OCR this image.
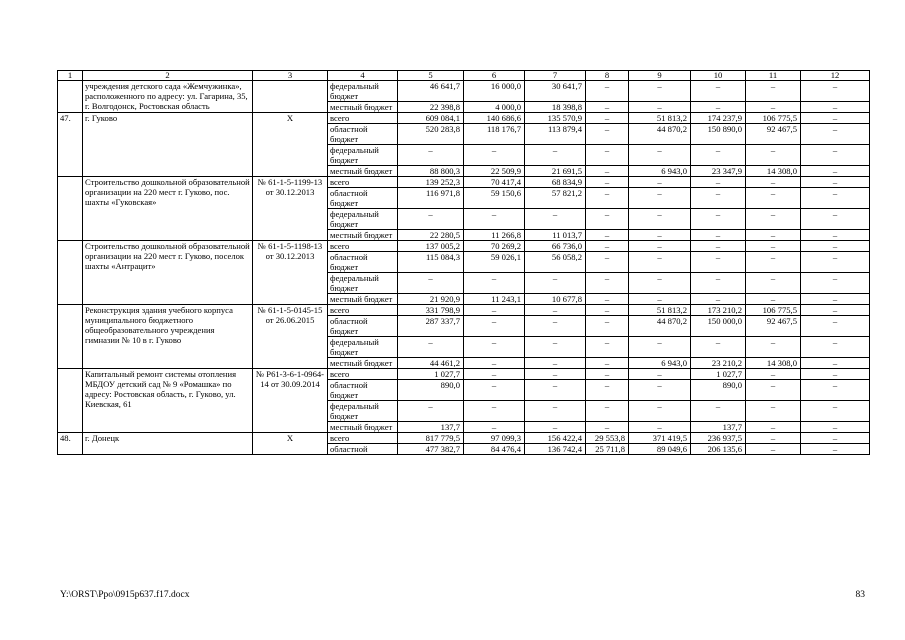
1	2	3	4	5	6	7	8	9	10	11	12
	учреждения детского сада «Жемчужинка», расположенного по адресу: ул. Гагарина, 35, г. Волгодонск, Ростовская область		федеральный бюджет	46 641,7	16 000,0	30 641,7	–	–	–	–	–
			местный бюджет	22 398,8	4 000,0	18 398,8	–	–	–	–	–
47.	г. Гуково	Х	всего	609 084,1	140 686,6	135 570,9	–	51 813,2	174 237,9	106 775,5	–
			областной бюджет	520 283,8	118 176,7	113 879,4	–	44 870,2	150 890,0	92 467,5	–
			федеральный бюджет	–	–	–	–	–	–	–	–
			местный бюджет	88 800,3	22 509,9	21 691,5	–	6 943,0	23 347,9	14 308,0	–
	Строительство дошкольной образовательной организации на 220 мест г. Гуково, пос. шахты «Гуковская»	№ 61-1-5-1199-13 от 30.12.2013	всего	139 252,3	70 417,4	68 834,9	–	–	–	–	–
			областной бюджет	116 971,8	59 150,6	57 821,2	–	–	–	–	–
			федеральный бюджет	–	–	–	–	–	–	–	–
			местный бюджет	22 280,5	11 266,8	11 013,7	–	–	–	–	–
	Строительство дошкольной образовательной организации на 220 мест г. Гуково, поселок шахты «Антрацит»	№ 61-1-5-1198-13 от 30.12.2013	всего	137 005,2	70 269,2	66 736,0	–	–	–	–	–
			областной бюджет	115 084,3	59 026,1	56 058,2	–	–	–	–	–
			федеральный бюджет	–	–	–	–	–	–	–	–
			местный бюджет	21 920,9	11 243,1	10 677,8	–	–	–	–	–
	Реконструкция здания учебного корпуса муниципального бюджетного общеобразовательного учреждения гимназии № 10 в г. Гуково	№ 61-1-5-0145-15 от 26.06.2015	всего	331 798,9	–	–	–	51 813,2	173 210,2	106 775,5	–
			областной бюджет	287 337,7	–	–	–	44 870,2	150 000,0	92 467,5	–
			федеральный бюджет	–	–	–	–	–	–	–	–
			местный бюджет	44 461,2	–	–	–	6 943,0	23 210,2	14 308,0	–
	Капитальный ремонт системы отопления МБДОУ детский сад № 9 «Ромашка» по адресу: Ростовская область, г. Гуково, ул. Киевская, 61	№ Р61-3-6-1-0964-14 от 30.09.2014	всего	1 027,7	–	–	–	–	1 027,7	–	–
			областной бюджет	890,0	–	–	–	–	890,0	–	–
			федеральный бюджет	–	–	–	–	–	–	–	–
			местный бюджет	137,7	–	–	–	–	137,7	–	–
48.	г. Донецк	Х	всего	817 779,5	97 099,3	156 422,4	29 553,8	371 419,5	236 937,5	–	–
			областной	477 382,7	84 476,4	136 742,4	25 711,8	89 049,6	206 135,6	–	–
Y:\ORST\Ppo\0915p637.f17.docx	83
